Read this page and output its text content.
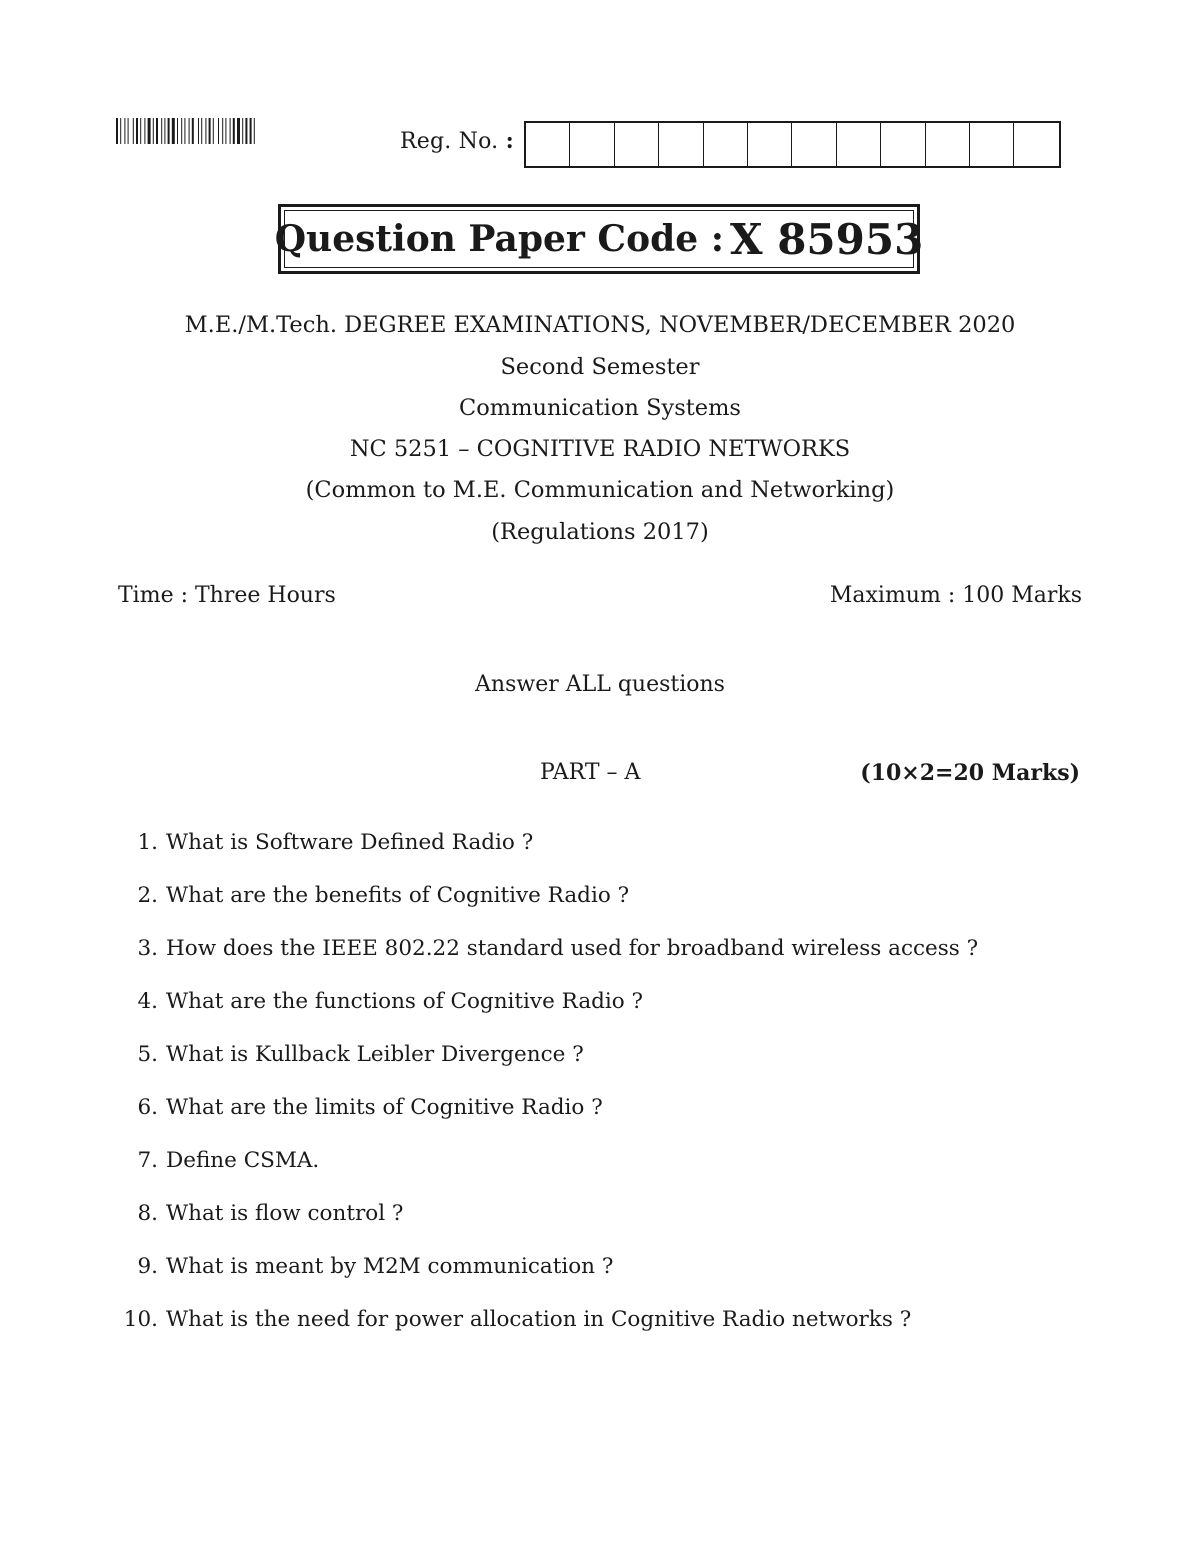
Reg. No. :
Question Paper Code : X 85953
M.E./M.Tech. DEGREE EXAMINATIONS, NOVEMBER/DECEMBER 2020
Second Semester
Communication Systems
NC 5251 – COGNITIVE RADIO NETWORKS
(Common to M.E. Communication and Networking)
(Regulations 2017)
Time : Three Hours	Maximum : 100 Marks
Answer ALL questions
PART – A	(10×2=20 Marks)
1. What is Software Defined Radio ?
2. What are the benefits of Cognitive Radio ?
3. How does the IEEE 802.22 standard used for broadband wireless access ?
4. What are the functions of Cognitive Radio ?
5. What is Kullback Leibler Divergence ?
6. What are the limits of Cognitive Radio ?
7. Define CSMA.
8. What is flow control ?
9. What is meant by M2M communication ?
10. What is the need for power allocation in Cognitive Radio networks ?
